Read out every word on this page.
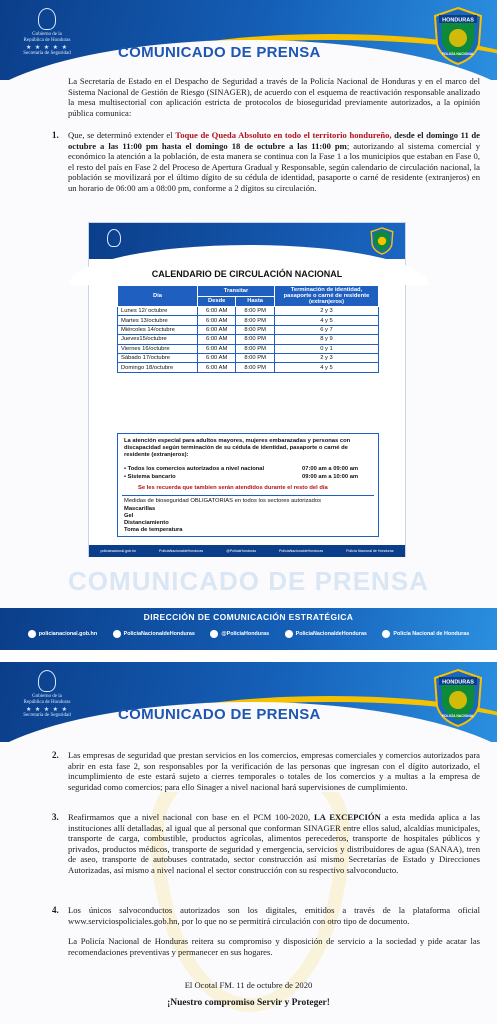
Gobierno de la
República de Honduras
★ ★ ★ ★ ★
Secretaría de Seguridad
HONDURAS
POLICÍA NACIONAL
COMUNICADO DE PRENSA

La Secretaría de Estado en el Despacho de Seguridad a través de la Policía Nacional de Honduras y en el marco del Sistema Nacional de Gestión de Riesgo (SINAGER), de acuerdo con el esquema de reactivación responsable analizado la mesa multisectorial con aplicación estricta de protocolos de bioseguridad previamente autorizados, a la opinión pública comunica:

1. Que, se determinó extender el Toque de Queda Absoluto en todo el territorio hondureño, desde el domingo 11 de octubre a las 11:00 pm hasta el domingo 18 de octubre a las 11:00 pm; autorizando al sistema comercial y económico la atención a la población, de esta manera se continua con la Fase 1 a los municipios que estaban en Fase 0, el resto del país en Fase 2 del Proceso de Apertura Gradual y Responsable, según calendario de circulación nacional, la población se movilizará por el último dígito de su cédula de identidad, pasaporte o carné de residente (extranjeros) en un horario de 06:00 am a 08:00 pm, conforme a 2 dígitos su circulación.

CALENDARIO DE CIRCULACIÓN NACIONAL
Día	Transitar		Terminación de identidad, pasaporte o carné de residente (extranjeros)
	Desde	Hasta	
Lunes 12/ octubre	6:00 AM	8:00 PM	2 y 3
Martes 13/octubre	6:00 AM	8:00 PM	4 y 5
Miércoles 14/octubre	6:00 AM	8:00 PM	6 y 7
Jueves15/octubre	6:00 AM	8:00 PM	8 y 9
Viernes 16/octubre	6:00 AM	8:00 PM	0 y 1
Sábado 17/octubre	6:00 AM	8:00 PM	2 y 3
Domingo 18/octubre	6:00 AM	8:00 PM	4 y 5
La atención especial para adultos mayores, mujeres embarazadas y personas con discapacidad según terminación de su cédula de identidad, pasaporte o carné de residente (extranjeros):
• Todos los comercios autorizados a nivel nacional	07:00 am a 09:00 am
• Sistema bancario	09:00 am a 10:00 am
Se les recuerda que tambien serán atendidos durante el resto del día
Medidas de bioseguridad OBLIGATORIAS en todos los sectores autorizados
Mascarillas
Gel
Distanciamiento
Toma de temperatura
policianacional.gob.hn	PoliciaNacionaldeHonduras	@PoliciaHonduras	PoliciaNacionaldeHonduras	Policía Nacional de Honduras
COMUNICADO DE PRENSA
DIRECCIÓN DE COMUNICACIÓN ESTRATÉGICA
policianacional.gob.hn	PoliciaNacionaldeHonduras	@PoliciaHonduras	PoliciaNacionaldeHonduras	Policía Nacional de Honduras
Gobierno de la
República de Honduras
★ ★ ★ ★ ★
Secretaría de Seguridad
HONDURAS
POLICÍA NACIONAL
COMUNICADO DE PRENSA
2. Las empresas de seguridad que prestan servicios en los comercios, empresas comerciales y comercios autorizados para abrir en esta fase 2, son responsables por la verificación de las personas que ingresan con el dígito autorizado, el incumplimiento de este estará sujeto a cierres temporales o totales de los comercios y a multas a la empresa de seguridad como comercios; para ello Sinager a nivel nacional hará supervisiones de cumplimiento.

3. Reafirmamos que a nivel nacional con base en el PCM 100-2020, LA EXCEPCIÓN a esta medida aplica a las instituciones allí detalladas, al igual que al personal que conforman SINAGER entre ellos salud, alcaldías municipales, transporte de carga, combustible, productos agrícolas, alimentos perecederos, transporte de hospitales públicos y privados, productos médicos, transporte de seguridad y emergencia, servicios y distribuidores de agua (SANAA), tren de aseo, transporte de autobuses contratado, sector construcción así mismo Secretarías de Estado y Direcciones Autorizadas, así mismo a nivel nacional el sector construcción con su respectivo salvoconducto.

4. Los únicos salvoconductos autorizados son los digitales, emitidos a través de la plataforma oficial www.serviciospoliciales.gob.hn, por lo que no se permitirá circulación con otro tipo de documento.

La Policía Nacional de Honduras reitera su compromiso y disposición de servicio a la sociedad y pide acatar las recomendaciones preventivas y permanecer en sus hogares.

El Ocotal FM. 11 de octubre de 2020
¡Nuestro compromiso Servir y Proteger!
